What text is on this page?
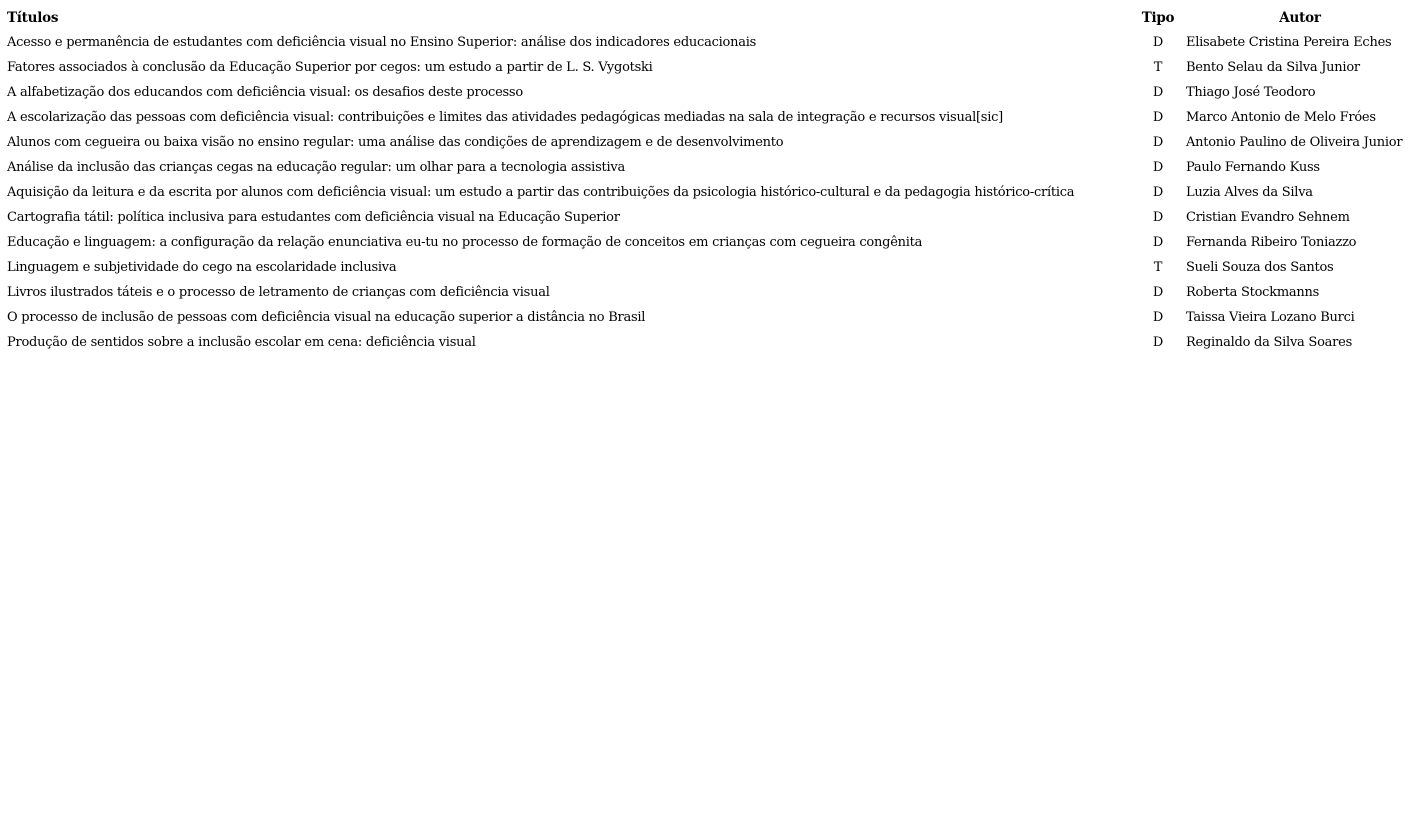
Títulos	Tipo	Autor
Acesso e permanência de estudantes com deficiência visual no Ensino Superior: análise dos indicadores educacionais	D	Elisabete Cristina Pereira Eches
Fatores associados à conclusão da Educação Superior por cegos: um estudo a partir de L. S. Vygotski	T	Bento Selau da Silva Junior
A alfabetização dos educandos com deficiência visual: os desafios deste processo	D	Thiago José Teodoro
A escolarização das pessoas com deficiência visual: contribuições e limites das atividades pedagógicas mediadas na sala de integração e recursos visual[sic]	D	Marco Antonio de Melo Fróes
Alunos com cegueira ou baixa visão no ensino regular: uma análise das condições de aprendizagem e de desenvolvimento	D	Antonio Paulino de Oliveira Junior
Análise da inclusão das crianças cegas na educação regular: um olhar para a tecnologia assistiva	D	Paulo Fernando Kuss
Aquisição da leitura e da escrita por alunos com deficiência visual: um estudo a partir das contribuições da psicologia histórico-cultural e da pedagogia histórico-crítica	D	Luzia Alves da Silva
Cartografia tátil: política inclusiva para estudantes com deficiência visual na Educação Superior	D	Cristian Evandro Sehnem
Educação e linguagem: a configuração da relação enunciativa eu-tu no processo de formação de conceitos em crianças com cegueira congênita	D	Fernanda Ribeiro Toniazzo
Linguagem e subjetividade do cego na escolaridade inclusiva	T	Sueli Souza dos Santos
Livros ilustrados táteis e o processo de letramento de crianças com deficiência visual	D	Roberta Stockmanns
O processo de inclusão de pessoas com deficiência visual na educação superior a distância no Brasil	D	Taissa Vieira Lozano Burci
Produção de sentidos sobre a inclusão escolar em cena: deficiência visual	D	Reginaldo da Silva Soares
